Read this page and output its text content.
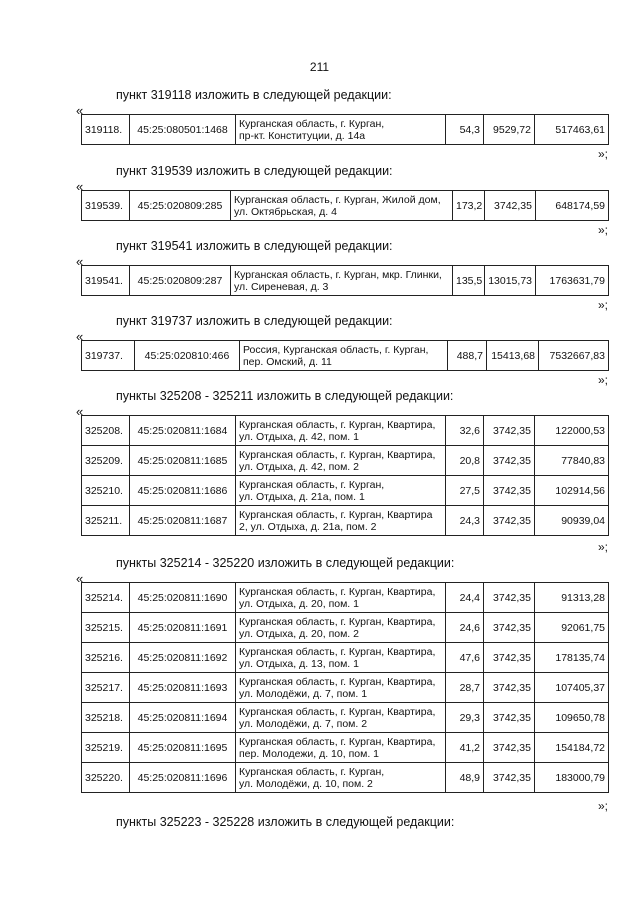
211
пункт 319118 изложить в следующей редакции:
«
319118.	45:25:080501:1468	Курганская область, г. Курган,
пр-кт. Конституции, д. 14а	54,3	9529,72	517463,61
»;
пункт 319539 изложить в следующей редакции:
«
319539.	45:25:020809:285	Курганская область, г. Курган, Жилой дом,
ул. Октябрьская, д. 4	173,2	3742,35	648174,59
»;
пункт 319541 изложить в следующей редакции:
«
319541.	45:25:020809:287	Курганская область, г. Курган, мкр. Глинки,
ул. Сиреневая, д. 3	135,5	13015,73	1763631,79
»;
пункт 319737 изложить в следующей редакции:
«
319737.	45:25:020810:466	Россия, Курганская область, г. Курган,
пер. Омский, д. 11	488,7	15413,68	7532667,83
»;
пункты 325208 - 325211 изложить в следующей редакции:
«
325208.	45:25:020811:1684	Курганская область, г. Курган, Квартира,
ул. Отдыха, д. 42, пом. 1	32,6	3742,35	122000,53
325209.	45:25:020811:1685	Курганская область, г. Курган, Квартира,
ул. Отдыха, д. 42, пом. 2	20,8	3742,35	77840,83
325210.	45:25:020811:1686	Курганская область, г. Курган,
ул. Отдыха, д. 21а, пом. 1	27,5	3742,35	102914,56
325211.	45:25:020811:1687	Курганская область, г. Курган, Квартира
2, ул. Отдыха, д. 21а, пом. 2	24,3	3742,35	90939,04
»;
пункты 325214 - 325220 изложить в следующей редакции:
«
325214.	45:25:020811:1690	Курганская область, г. Курган, Квартира,
ул. Отдыха, д. 20, пом. 1	24,4	3742,35	91313,28
325215.	45:25:020811:1691	Курганская область, г. Курган, Квартира,
ул. Отдыха, д. 20, пом. 2	24,6	3742,35	92061,75
325216.	45:25:020811:1692	Курганская область, г. Курган, Квартира,
ул. Отдыха, д. 13, пом. 1	47,6	3742,35	178135,74
325217.	45:25:020811:1693	Курганская область, г. Курган, Квартира,
ул. Молодёжи, д. 7, пом. 1	28,7	3742,35	107405,37
325218.	45:25:020811:1694	Курганская область, г. Курган, Квартира,
ул. Молодёжи, д. 7, пом. 2	29,3	3742,35	109650,78
325219.	45:25:020811:1695	Курганская область, г. Курган, Квартира,
пер. Молодежи, д. 10, пом. 1	41,2	3742,35	154184,72
325220.	45:25:020811:1696	Курганская область, г. Курган,
ул. Молодёжи, д. 10, пом. 2	48,9	3742,35	183000,79
»;
пункты 325223 - 325228 изложить в следующей редакции:
